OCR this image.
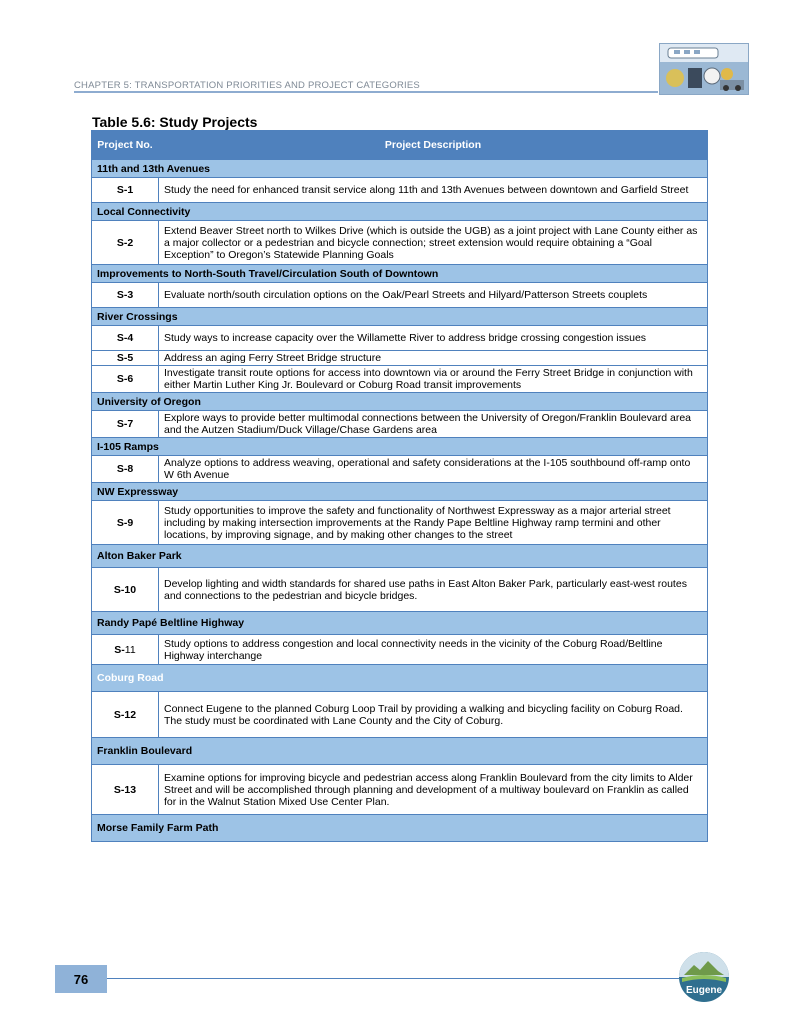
CHAPTER 5: TRANSPORTATION PRIORITIES AND PROJECT CATEGORIES
Table 5.6: Study Projects
Project No.	Project Description
11th and 13th Avenues	
S-1	Study the need for enhanced transit service along 11th and 13th Avenues between downtown and Garfield Street
Local Connectivity	
S-2	Extend Beaver Street north to Wilkes Drive (which is outside the UGB) as a joint project with Lane County either as a major collector or a pedestrian and bicycle connection; street extension would require obtaining a “Goal Exception” to Oregon’s Statewide Planning Goals
Improvements to North-South Travel/Circulation South of Downtown	
S-3	Evaluate north/south circulation options on the Oak/Pearl Streets and Hilyard/Patterson Streets couplets
River Crossings	
S-4	Study ways to increase capacity over the Willamette River to address bridge crossing congestion issues
S-5	Address an aging Ferry Street Bridge structure
S-6	Investigate transit route options for access into downtown via or around the Ferry Street Bridge in conjunction with either Martin Luther King Jr. Boulevard or Coburg Road transit improvements
University of Oregon	
S-7	Explore ways to provide better multimodal connections between the University of Oregon/Franklin Boulevard area and the Autzen Stadium/Duck Village/Chase Gardens area
I-105 Ramps	
S-8	Analyze options to address weaving, operational and safety considerations at the I-105 southbound off-ramp onto W 6th Avenue
NW Expressway	
S-9	Study opportunities to improve the safety and functionality of Northwest Expressway as a major arterial street including by making intersection improvements at the Randy Pape Beltline Highway ramp termini and other locations, by improving signage, and by making other changes to the street
Alton Baker Park	
S-10	Develop lighting and width standards for shared use paths in East Alton Baker Park, particularly east-west routes and connections to the pedestrian and bicycle bridges.
Randy Papé Beltline Highway	
S-11	Study options to address congestion and local connectivity needs in the vicinity of the Coburg Road/Beltline Highway interchange
Coburg Road	
S-12	Connect Eugene to the planned Coburg Loop Trail by providing a walking and bicycling facility on Coburg Road. The study must be coordinated with Lane County and the City of Coburg.
Franklin Boulevard	
S-13	Examine options for improving bicycle and pedestrian access along Franklin Boulevard from the city limits to Alder Street and will be accomplished through planning and development of a multiway boulevard on Franklin as called for in the Walnut Station Mixed Use Center Plan.
Morse Family Farm Path	
76
Eugene
